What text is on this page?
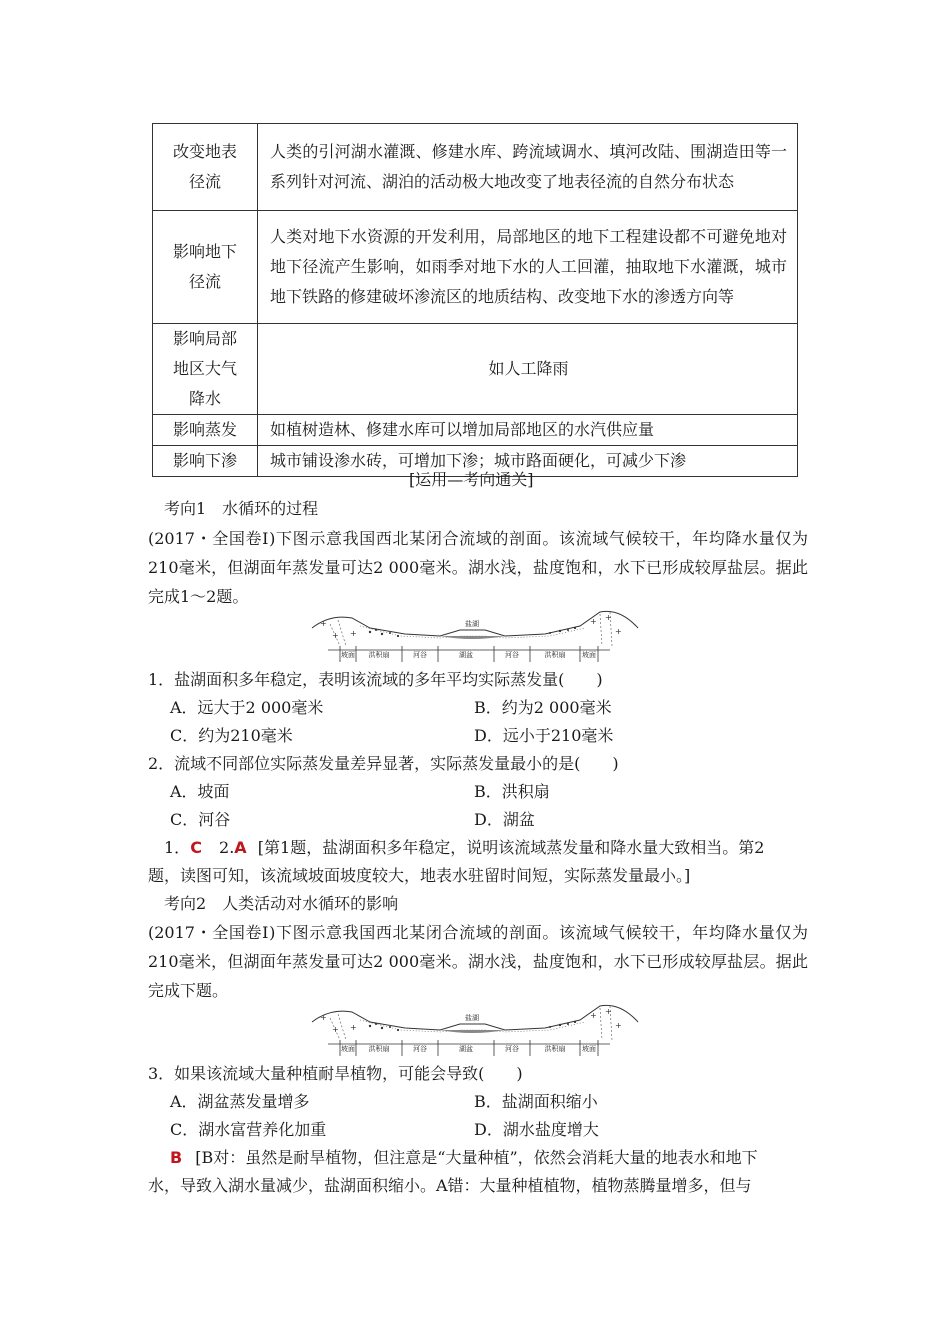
改变地表径流	人类的引河湖水灌溉、修建水库、跨流域调水、填河改陆、围湖造田等一系列针对河流、湖泊的活动极大地改变了地表径流的自然分布状态
影响地下径流	人类对地下水资源的开发利用，局部地区的地下工程建设都不可避免地对地下径流产生影响，如雨季对地下水的人工回灌，抽取地下水灌溉，城市地下铁路的修建破坏渗流区的地质结构、改变地下水的渗透方向等
影响局部地区大气降水	如人工降雨
影响蒸发	如植树造林、修建水库可以增加局部地区的水汽供应量
影响下渗	城市铺设渗水砖，可增加下渗；城市路面硬化，可减少下渗
[运用—考向通关]
考向1　水循环的过程
(2017・全国卷Ⅰ)下图示意我国西北某闭合流域的剖面。该流域气候较干，年均降水量仅为210毫米，但湖面年蒸发量可达2 000毫米。湖水浅，盐度饱和，水下已形成较厚盐层。据此完成1～2题。
+
+
+
+
+
+
盐湖
坡面 洪积扇	河谷	湖盆	河谷	洪积扇 坡面
1．盐湖面积多年稳定，表明该流域的多年平均实际蒸发量(　　)
A．远大于2 000毫米	B．约为2 000毫米
C．约为210毫米	D．远小于210毫米
2．流域不同部位实际蒸发量差异显著，实际蒸发量最小的是(　　)
A．坡面	B．洪积扇
C．河谷	D．湖盆
1．C 2.A [第1题，盐湖面积多年稳定，说明该流域蒸发量和降水量大致相当。第2
题，读图可知，该流域坡面坡度较大，地表水驻留时间短，实际蒸发量最小。]
考向2　人类活动对水循环的影响
(2017・全国卷Ⅰ)下图示意我国西北某闭合流域的剖面。该流域气候较干，年均降水量仅为210毫米，但湖面年蒸发量可达2 000毫米。湖水浅，盐度饱和，水下已形成较厚盐层。据此完成下题。
+
+
+
+
+
+
盐湖
坡面 洪积扇	河谷	湖盆	河谷	洪积扇 坡面
3．如果该流域大量种植耐旱植物，可能会导致(　　)
A．湖盆蒸发量增多	B．盐湖面积缩小
C．湖水富营养化加重	D．湖水盐度增大
B [B对：虽然是耐旱植物，但注意是“大量种植”，依然会消耗大量的地表水和地下
水，导致入湖水量减少，盐湖面积缩小。A错：大量种植植物，植物蒸腾量增多，但与
